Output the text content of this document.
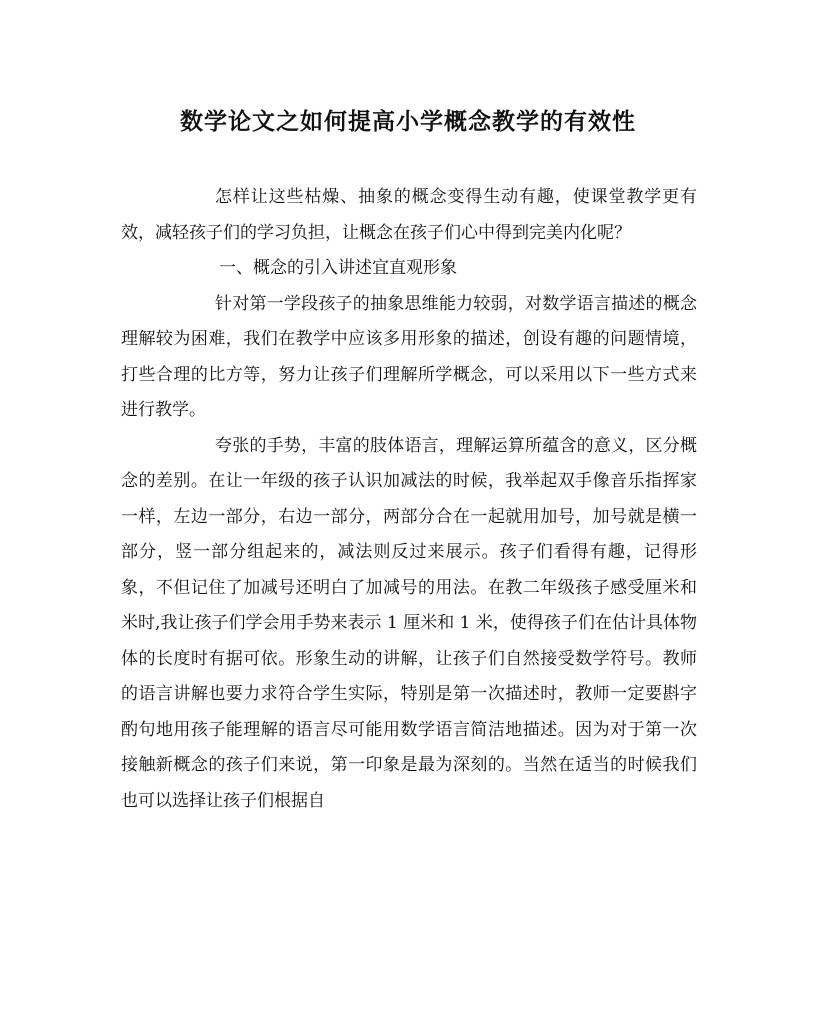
数学论文之如何提高小学概念教学的有效性

怎样让这些枯燥、抽象的概念变得生动有趣，使课堂教学更有效，减轻孩子们的学习负担，让概念在孩子们心中得到完美内化呢？

一、概念的引入讲述宜直观形象

针对第一学段孩子的抽象思维能力较弱，对数学语言描述的概念理解较为困难，我们在教学中应该多用形象的描述，创设有趣的问题情境，打些合理的比方等，努力让孩子们理解所学概念，可以采用以下一些方式来进行教学。

夸张的手势，丰富的肢体语言，理解运算所蕴含的意义，区分概念的差别。在让一年级的孩子认识加减法的时候，我举起双手像音乐指挥家一样，左边一部分，右边一部分，两部分合在一起就用加号，加号就是横一部分，竖一部分组起来的，减法则反过来展示。孩子们看得有趣，记得形象，不但记住了加减号还明白了加减号的用法。在教二年级孩子感受厘米和米时,我让孩子们学会用手势来表示 1 厘米和 1 米，使得孩子们在估计具体物体的长度时有据可依。形象生动的讲解，让孩子们自然接受数学符号。教师的语言讲解也要力求符合学生实际，特别是第一次描述时，教师一定要斟字酌句地用孩子能理解的语言尽可能用数学语言简洁地描述。因为对于第一次接触新概念的孩子们来说，第一印象是最为深刻的。当然在适当的时候我们也可以选择让孩子们根据自
